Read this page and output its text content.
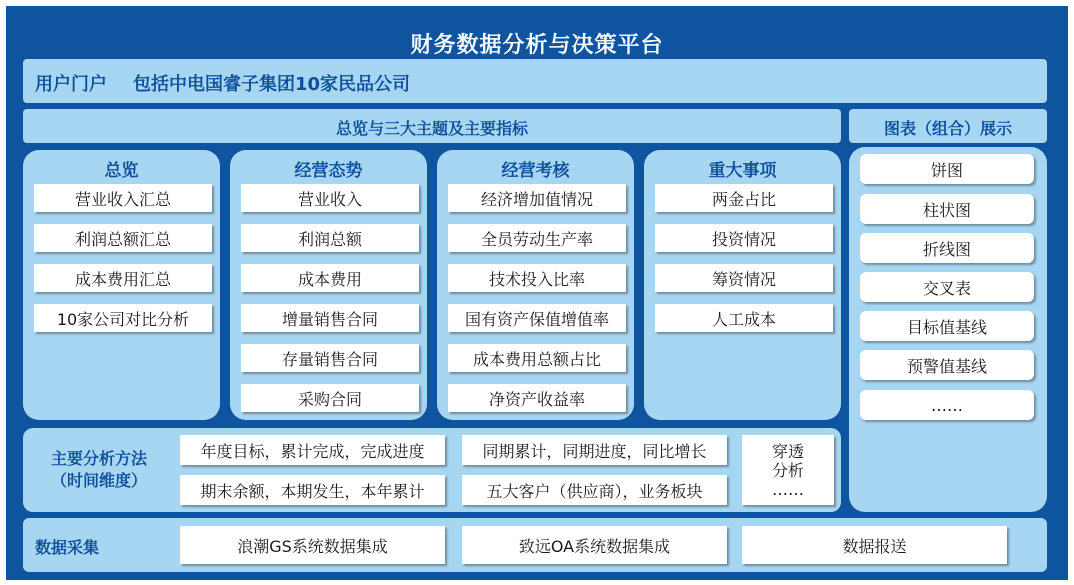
财务数据分析与决策平台
用户门户 包括中电国睿子集团10家民品公司
总览与三大主题及主要指标	图表（组合）展示
总览
营业收入汇总
利润总额汇总
成本费用汇总
10家公司对比分析
经营态势
营业收入
利润总额
成本费用
增量销售合同
存量销售合同
采购合同
经营考核
经济增加值情况
全员劳动生产率
技术投入比率
国有资产保值增值率
成本费用总额占比
净资产收益率
重大事项
两金占比
投资情况
筹资情况
人工成本
饼图
柱状图
折线图
交叉表
目标值基线
预警值基线
……
主要分析方法
（时间维度）
年度目标，累计完成，完成进度	同期累计，同期进度，同比增长
期末余额，本期发生，本年累计	五大客户（供应商），业务板块
穿透
分析
……
数据采集	浪潮GS系统数据集成	致远OA系统数据集成	数据报送
